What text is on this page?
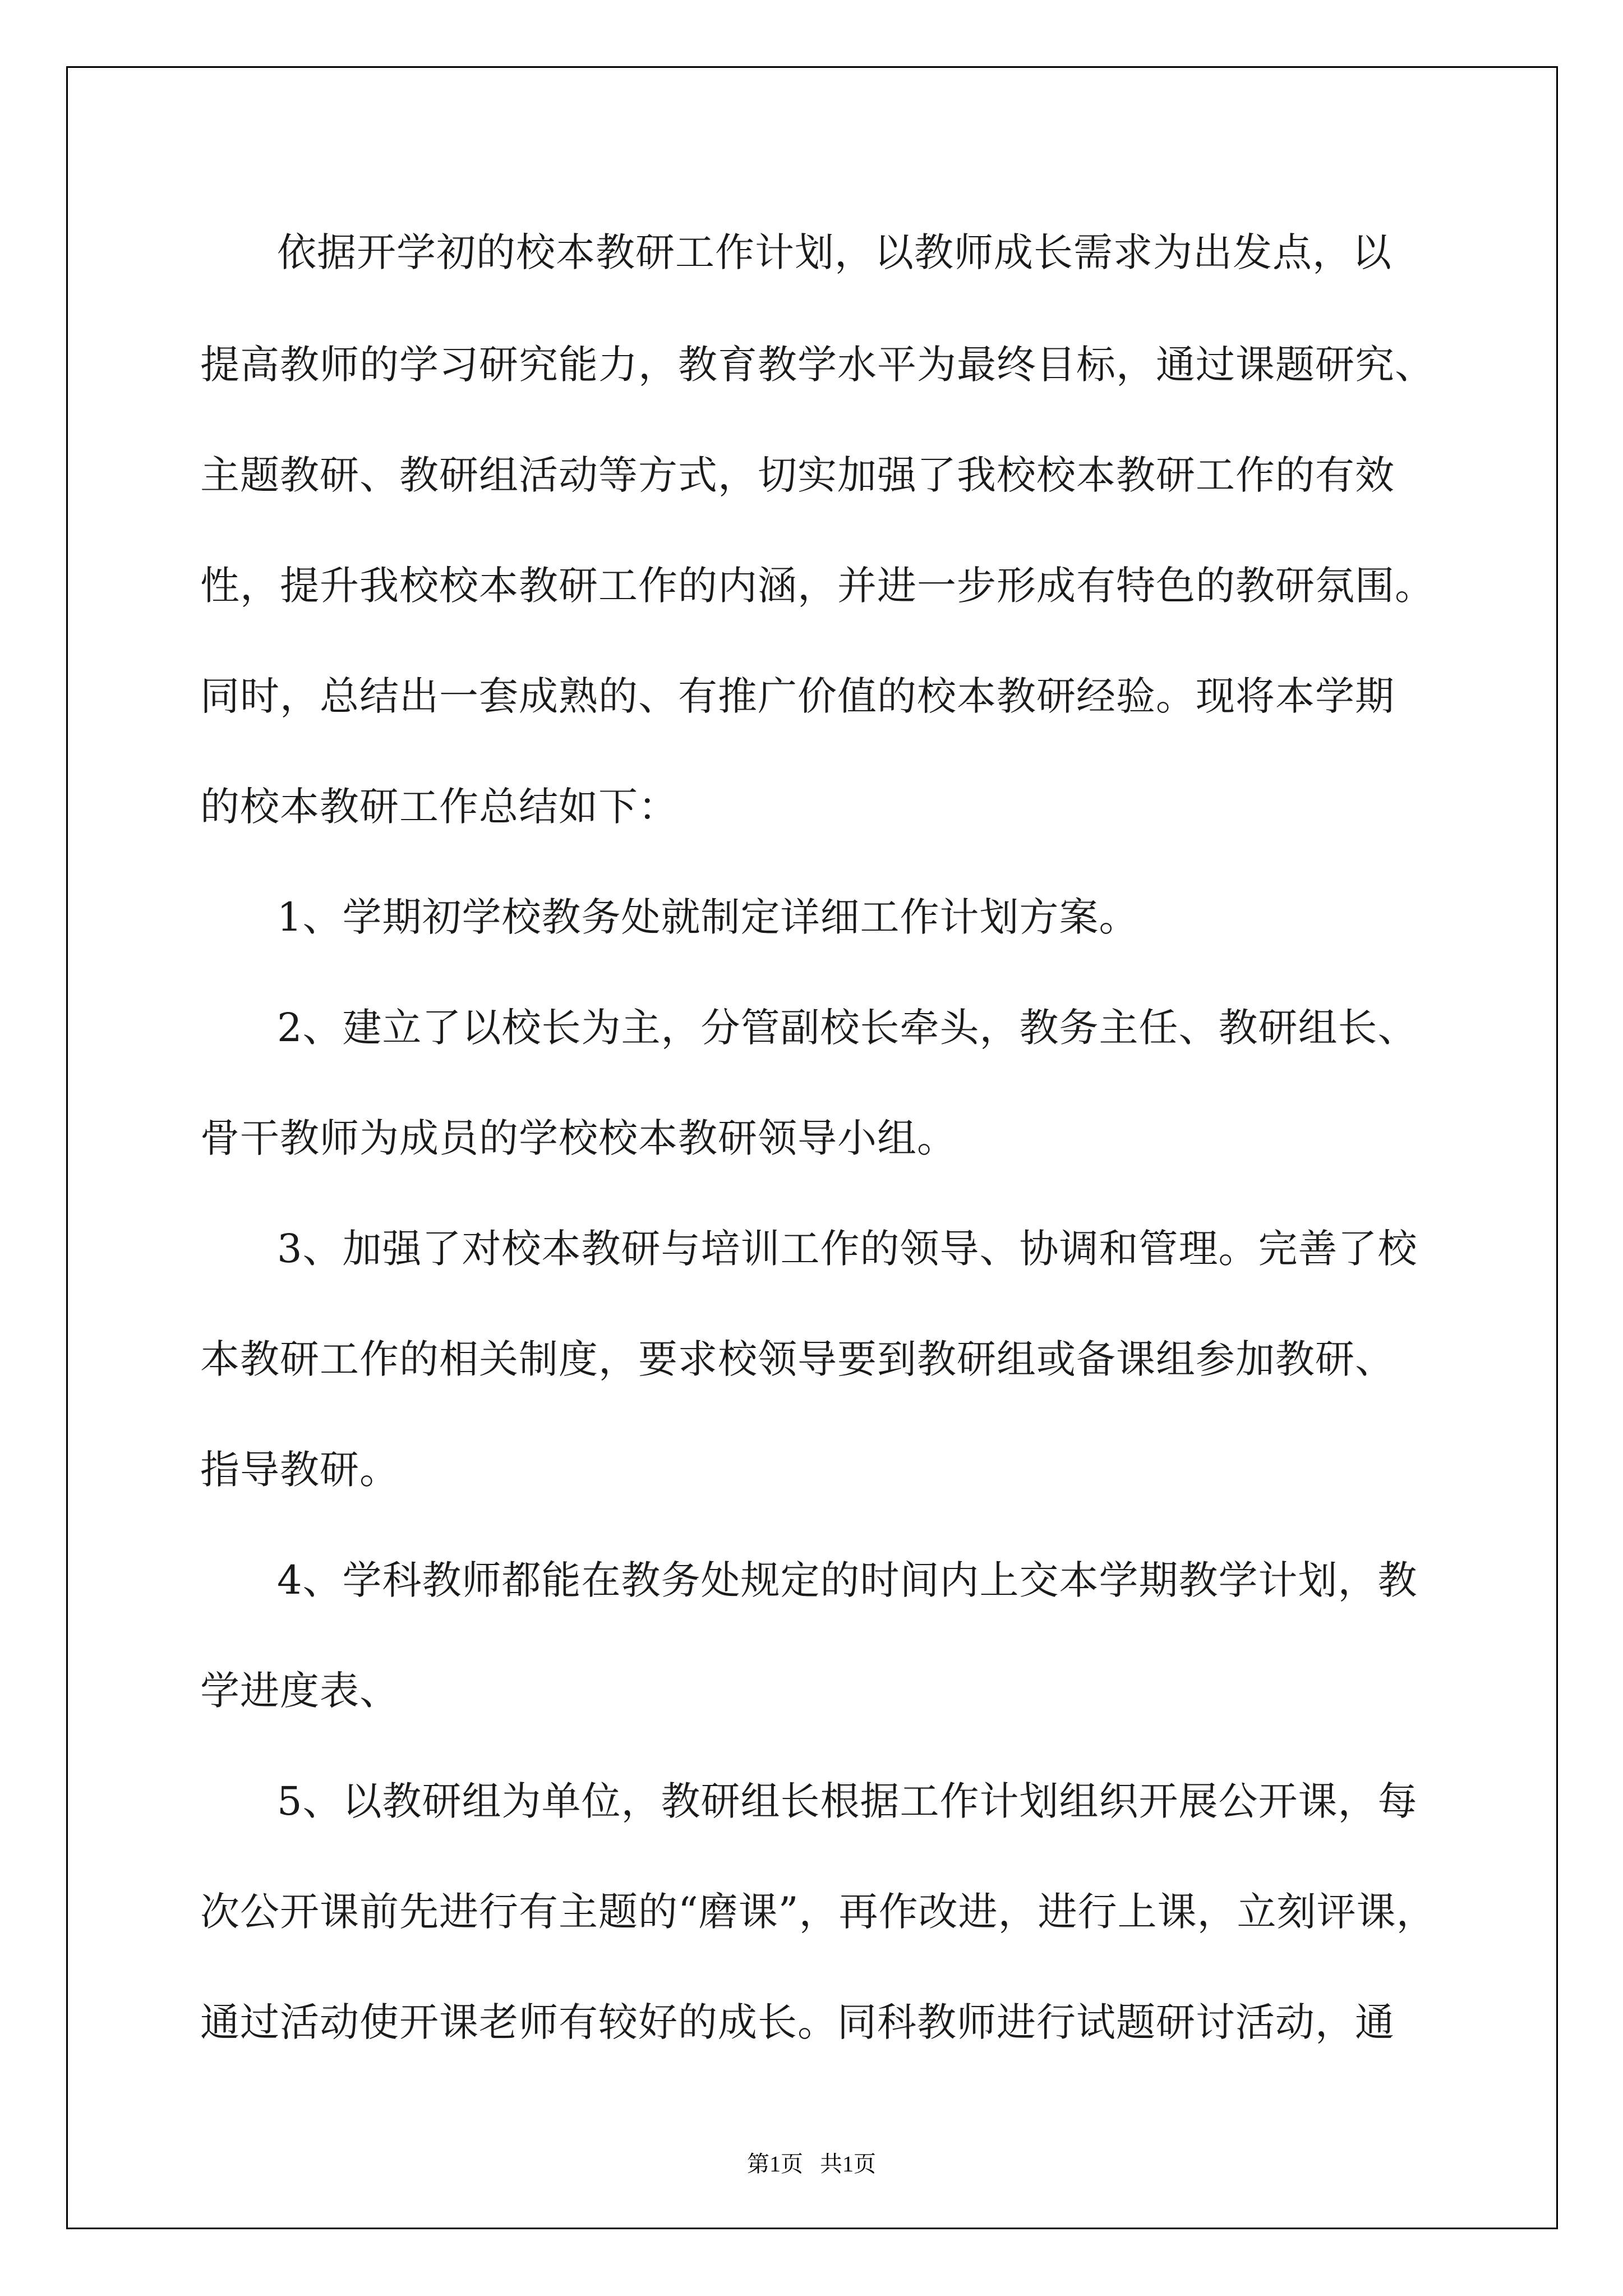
依据开学初的校本教研工作计划，以教师成长需求为出发点，以
提高教师的学习研究能力，教育教学水平为最终目标，通过课题研究、
主题教研、教研组活动等方式，切实加强了我校校本教研工作的有效
性，提升我校校本教研工作的内涵，并进一步形成有特色的教研氛围。
同时，总结出一套成熟的、有推广价值的校本教研经验。现将本学期
的校本教研工作总结如下：
1、学期初学校教务处就制定详细工作计划方案。
2、建立了以校长为主，分管副校长牵头，教务主任、教研组长、
骨干教师为成员的学校校本教研领导小组。
3、加强了对校本教研与培训工作的领导、协调和管理。完善了校
本教研工作的相关制度，要求校领导要到教研组或备课组参加教研、
指导教研。
4、学科教师都能在教务处规定的时间内上交本学期教学计划，教
学进度表、
5、以教研组为单位，教研组长根据工作计划组织开展公开课，每
次公开课前先进行有主题的“磨课”，再作改进，进行上课，立刻评课，
通过活动使开课老师有较好的成长。同科教师进行试题研讨活动，通
第1页   共1页
